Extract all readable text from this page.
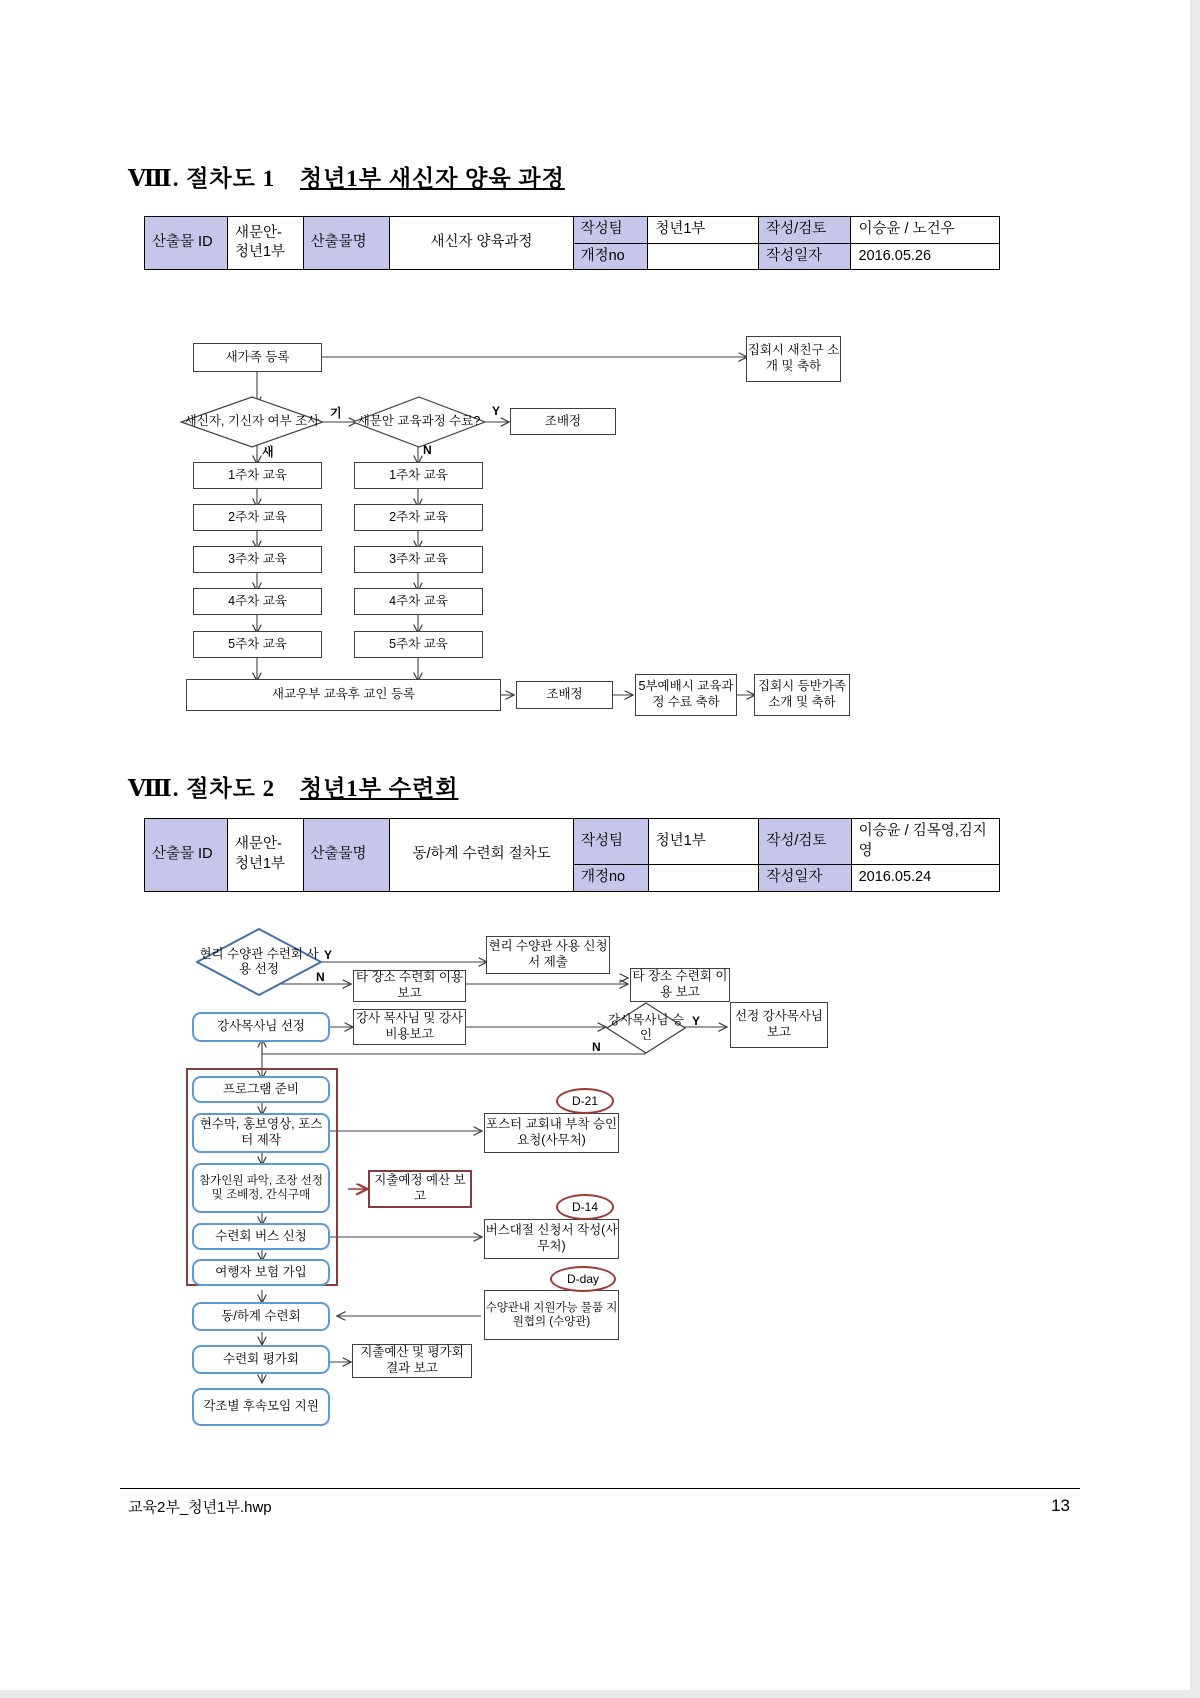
Ⅷ. 절차도 1 청년1부 새신자 양육 과정
산출물 ID	새문안-청년1부	산출물명	새신자 양육과정	작성팀	청년1부	작성/검토	이승윤 / 노건우
				개정no		작성일자	2016.05.26
새가족 등록
새신자, 기신자 여부 조사	새문안 교육과정 수료?	조배정
집회시 새친구 소개 및 축하
기
새
Y
N
1주차 교육
2주차 교육
3주차 교육
4주차 교육
5주차 교육
1주차 교육
2주차 교육
3주차 교육
4주차 교육
5주차 교육
새교우부 교육후 교인 등록	조배정
5부예배시 교육과정 수료 축하
집회시 등반가족 소개 및 축하
Ⅷ. 절차도 2 청년1부 수련회
산출물 ID	새문안-청년1부	산출물명	동/하계 수련회 절차도	작성팀	청년1부	작성/검토	이승윤 / 김목영,김지영
				개정no		작성일자	2016.05.24
현리 수양관 수련회 사용 선정
Y
N
현리 수양관 사용 신청서 제출
타 장소 수련회 이용 보고
타 장소 수련회 이용 보고
강사목사님 선정
강사 목사님 및 강사 비용보고
강사목사님 승인
Y
N
선정 강사목사님 보고
프로그램 준비
현수막, 홍보영상, 포스터 제작
참가인원 파악, 조장 선정 및 조배정, 간식구매
수련회 버스 신청
여행자 보험 가입
동/하계 수련회
수련회 평가회
각조별 후속모임 지원
포스터 교회내 부착 승인요청(사무처)
지출예정 예산 보고
버스대절 신청서 작성(사무처)
수양관내 지원가능 물품 지원협의 (수양관)
지출예산 및 평가회 결과 보고
D-21
D-14
D-day
교육2부_청년1부.hwp	13
